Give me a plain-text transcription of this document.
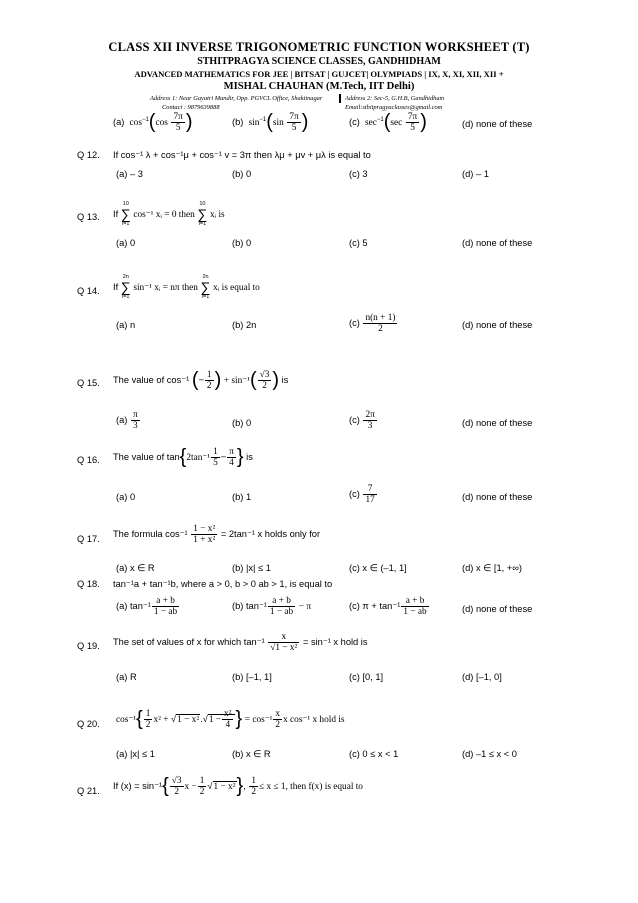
CLASS XII INVERSE TRIGONOMETRIC FUNCTION WORKSHEET (T)
STHITPRAGYA SCIENCE CLASSES, GANDHIDHAM
ADVANCED MATHEMATICS FOR JEE | BITSAT | GUJCET| OLYMPIADS | IX, X, XI, XII, XII +
MISHAL CHAUHAN (M.Tech, IIT Delhi)
Address 1: Near Gayatri Mandir, Opp. PGVCL Office, Shaktinagar
Contact : 9879639888
Address 2: Sec-5, G.H.B, Gandhidham
Email:sthitpragyaclasses@gmail.com
(a) $\cos^{-1}(\cos \frac{7\pi}{5}$ )	(b) $\sin^{-1}(\sin \frac{7\pi}{5}$ )	(c) $\sec^{-1}(\sec \frac{7\pi}{5}$ )	(d) none of these
Q 12. If cos⁻¹ λ + cos⁻¹μ + cos⁻¹ v = 3π then λμ + μv + μλ is equal to
(a) – 3	(b) 0	(c) 3	(d) – 1
Q 13. If
10
∑
i=1
cos⁻¹ xᵢ = 0 then
10
∑
i=1
xᵢ is
(a) 0	(b) 0	(c) 5	(d) none of these
Q 14. If
2n
∑
i=1
sin⁻¹ xᵢ = nπ then
2n
∑
i=1
xᵢ is equal to
(a) n	(b) 2n	$(c) \frac{n(n + 1)}{2}$	(d) none of these
Q 15. The value of cos⁻¹ (− $\frac{1}{2}$ ) + $\sin^{-1}( \frac{√3}{2}$ ) is
$(a) \frac{\pi}{3}$	(b) 0	$(c) \frac{2\pi}{3}$	(d) none of these
Q 16. The value of $\tan\{2\tan^{-1} \frac{1}{5} - \frac{\pi}{4}$ } is
(a) 0	(b) 1	$(c) \frac{7}{17}$	(d) none of these
Q 17.
The formula $\cos^{-1} \frac{\text{1 − x²}}{\text{1 + x²}} = 2\tan^{-1}$ x holds only for
(a) x ∈ R	(b) |x| ≤ 1	(c) x ∈ (–1, 1]	(d) x ∈ [1, +∞)
Q 18. tan⁻¹a + tan⁻¹b, where a > 0, b > 0 ab > 1, is equal to
(a) $\tan^{-1} \frac{a + b}{1 - ab}$	(b) $\tan^{-1} \frac{a + b}{1 - ab} - \pi$	(c) $\pi + \tan^{-1} \frac{a + b}{1 - ab}$	(d) none of these
Q 19. The set of values of x for which $\tan^{-1} \frac{x}{\text{√1 − x²}} = \sin^{-1}$ x hold is
(a) R	(b) [–1, 1]	(c) [0, 1]	(d) [–1, 0]
Q 20. $\cos^{-1}\{ \frac{1}{2} x^2 + √1 - x^2.√1 - \frac{\text{x²}}{4}$ } = $\cos^{-1} \frac{x}{2}$ x cos⁻¹ x hold is
(a) |x| ≤ 1	(b) x ∈ R	(c) 0 ≤ x < 1	(d) –1 ≤ x < 0
Q 21.
If $(x) = \sin^{-1}\{ \frac{√3}{2}$ $x - \frac{1}{2} √1 - x^2$}, $\frac{1}{2} \le x \le 1$, then f(x) is equal to
